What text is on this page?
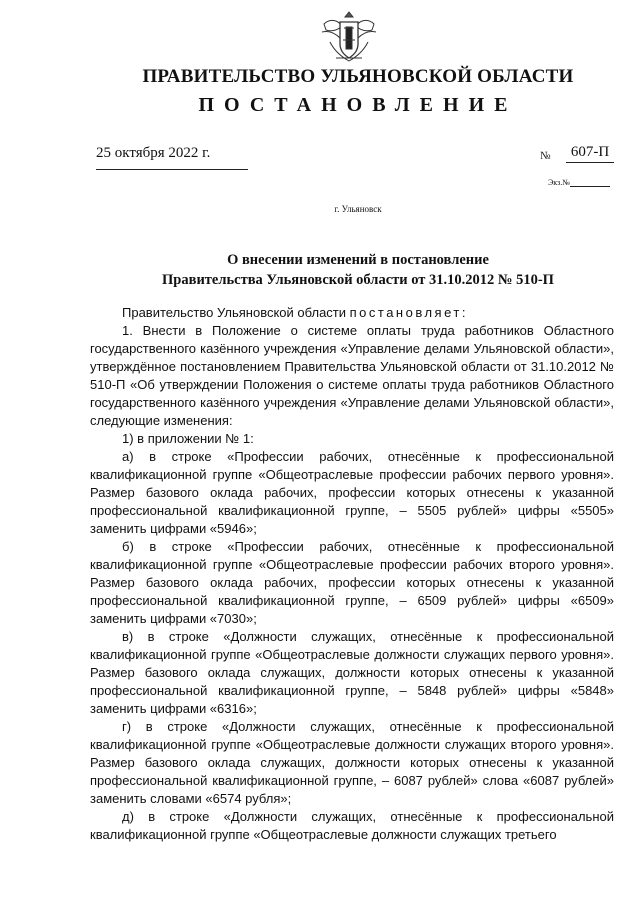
ПРАВИТЕЛЬСТВО УЛЬЯНОВСКОЙ ОБЛАСТИ
ПОСТАНОВЛЕНИЕ
25 октября 2022 г.	№	607-П
Экз.№
г. Ульяновск
О внесении изменений в постановление
Правительства Ульяновской области от 31.10.2012 № 510-П

Правительство Ульяновской области постановляет:

1. Внести в Положение о системе оплаты труда работников Областного государственного казённого учреждения «Управление делами Ульяновской области», утверждённое постановлением Правительства Ульяновской области от 31.10.2012 № 510-П «Об утверждении Положения о системе оплаты труда работников Областного государственного казённого учреждения «Управление делами Ульяновской области», следующие изменения:

1) в приложении № 1:

а) в строке «Профессии рабочих, отнесённые к профессиональной квалификационной группе «Общеотраслевые профессии рабочих первого уровня». Размер базового оклада рабочих, профессии которых отнесены к указанной профессиональной квалификационной группе, – 5505 рублей» цифры «5505» заменить цифрами «5946»;

б) в строке «Профессии рабочих, отнесённые к профессиональной квалификационной группе «Общеотраслевые профессии рабочих второго уровня». Размер базового оклада рабочих, профессии которых отнесены к указанной профессиональной квалификационной группе, – 6509 рублей» цифры «6509» заменить цифрами «7030»;

в) в строке «Должности служащих, отнесённые к профессиональной квалификационной группе «Общеотраслевые должности служащих первого уровня». Размер базового оклада служащих, должности которых отнесены к указанной профессиональной квалификационной группе, – 5848 рублей» цифры «5848» заменить цифрами «6316»;

г) в строке «Должности служащих, отнесённые к профессиональной квалификационной группе «Общеотраслевые должности служащих второго уровня». Размер базового оклада служащих, должности которых отнесены к указанной профессиональной квалификационной группе, – 6087 рублей» слова «6087 рублей» заменить словами «6574 рубля»;

д) в строке «Должности служащих, отнесённые к профессиональной квалификационной группе «Общеотраслевые должности служащих третьего
